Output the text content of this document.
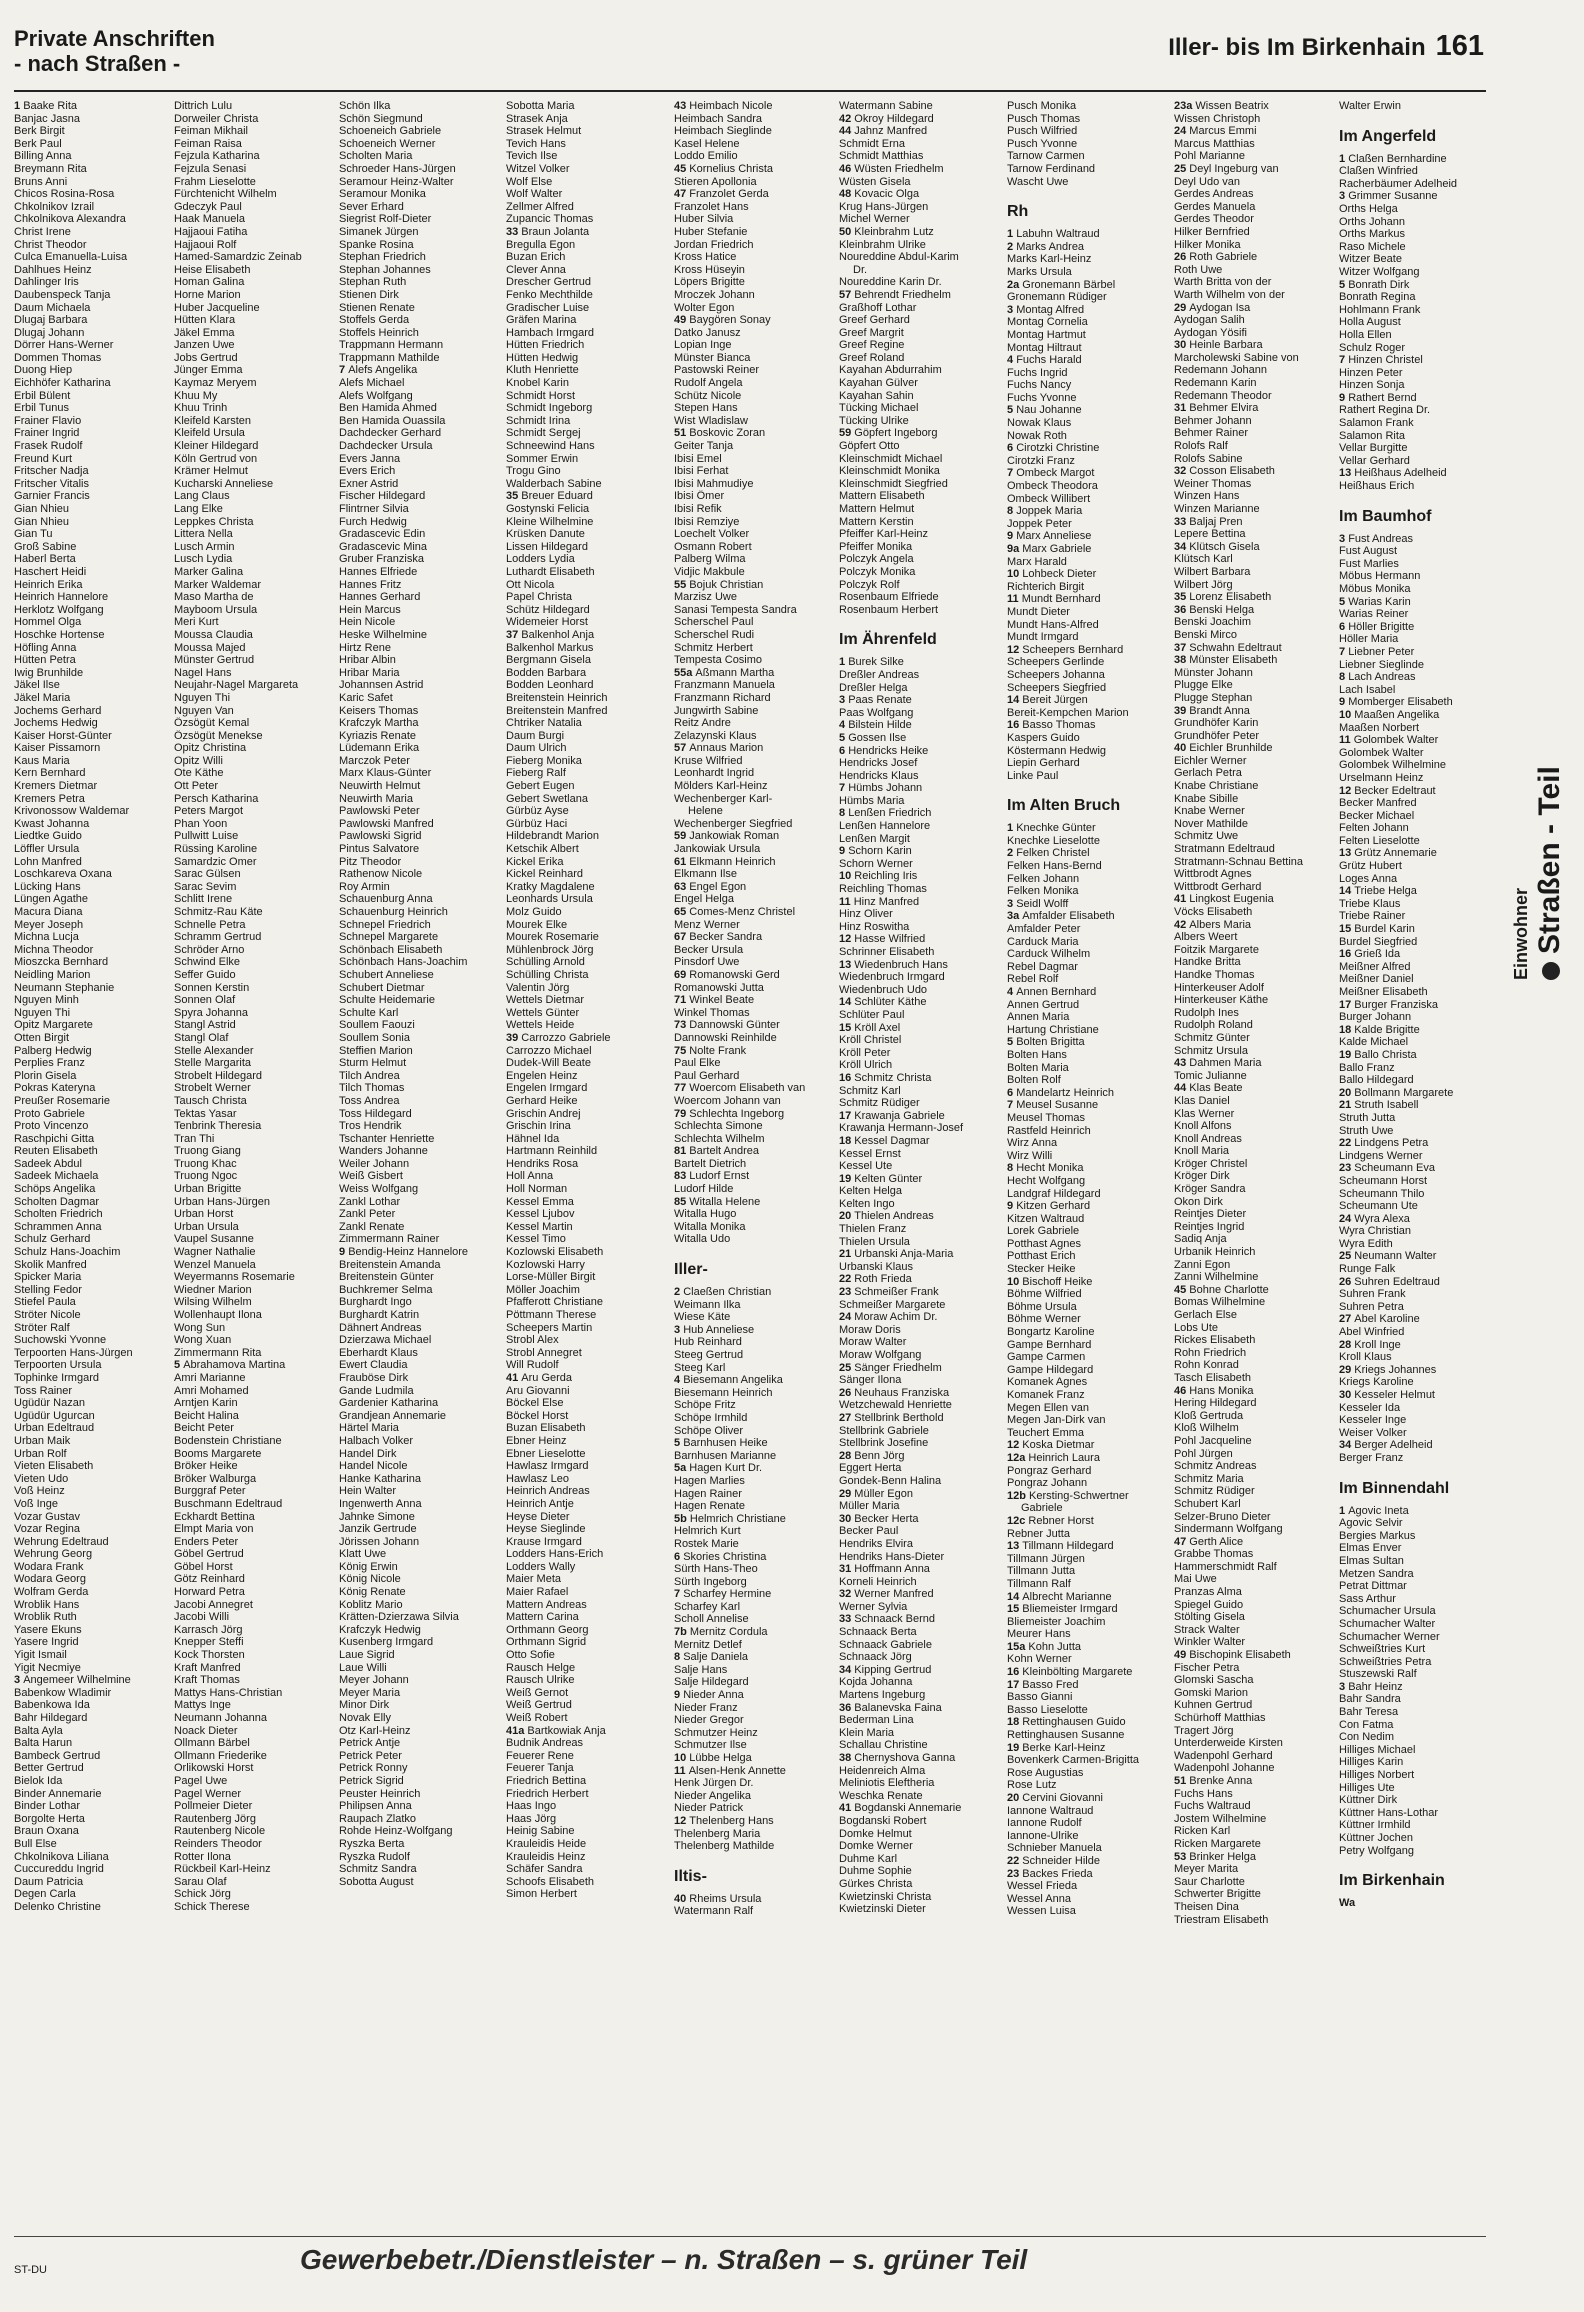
Private Anschriften
- nach Straßen -
Iller- bis Im Birkenhain 161
1 Baake Rita
Banjac Jasna
Berk Birgit
Berk Paul
Billing Anna
Breymann Rita
Bruns Anni
Chicos Rosina-Rosa
Chkolnikov Izrail
Chkolnikova Alexandra
Christ Irene
Christ Theodor
Culca Emanuella-Luisa
Dahlhues Heinz
Dahlinger Iris
Daubenspeck Tanja
Daum Michaela
Dlugaj Barbara
Dlugaj Johann
Dörrer Hans-Werner
Dommen Thomas
Duong Hiep
Eichhöfer Katharina
Erbil Bülent
Erbil Tunus
Frainer Flavio
Frainer Ingrid
Frasek Rudolf
Freund Kurt
Fritscher Nadja
Fritscher Vitalis
Garnier Francis
Gian Nhieu
Gian Nhieu
Gian Tu
Groß Sabine
Haberl Berta
Haschert Heidi
Heinrich Erika
Heinrich Hannelore
Herklotz Wolfgang
Hommel Olga
Hoschke Hortense
Höfling Anna
Hütten Petra
Iwig Brunhilde
Jäkel Ilse
Jäkel Maria
Jochems Gerhard
Jochems Hedwig
Kaiser Horst-Günter
Kaiser Pissamorn
Kaus Maria
Kern Bernhard
Kremers Dietmar
Kremers Petra
Krivonossow Waldemar
Kwast Johanna
Liedtke Guido
Löffler Ursula
Lohn Manfred
Loschkareva Oxana
Lücking Hans
Lüngen Agathe
Macura Diana
Meyer Joseph
Michna Lucja
Michna Theodor
Mioszcka Bernhard
Neidling Marion
Neumann Stephanie
Nguyen Minh
Nguyen Thi
Opitz Margarete
Otten Birgit
Palberg Hedwig
Perplies Franz
Plorin Gisela
Pokras Kateryna
Preußer Rosemarie
Proto Gabriele
Proto Vincenzo
Raschpichi Gitta
Reuten Elisabeth
Sadeek Abdul
Sadeek Michaela
Schöps Angelika
Scholten Dagmar
Scholten Friedrich
Schrammen Anna
Schulz Gerhard
Schulz Hans-Joachim
Skolik Manfred
Spicker Maria
Stelling Fedor
Stiefel Paula
Ströter Nicole
Ströter Ralf
Suchowski Yvonne
Terpoorten Hans-Jürgen
Terpoorten Ursula
Tophinke Irmgard
Toss Rainer
Ugüdür Nazan
Ugüdür Ugurcan
Urban Edeltraud
Urban Maik
Urban Rolf
Vieten Elisabeth
Vieten Udo
Voß Heinz
Voß Inge
Vozar Gustav
Vozar Regina
Wehrung Edeltraud
Wehrung Georg
Wodara Frank
Wodara Georg
Wolfram Gerda
Wroblik Hans
Wroblik Ruth
Yasere Ekuns
Yasere Ingrid
Yigit Ismail
Yigit Necmiye
3 Angemeer Wilhelmine
Babenkow Wladimir
Babenkowa Ida
Bahr Hildegard
Balta Ayla
Balta Harun
Bambeck Gertrud
Better Gertrud
Bielok Ida
Binder Annemarie
Binder Lothar
Borgolte Herta
Braun Oxana
Bull Else
Chkolnikova Liliana
Cuccureddu Ingrid
Daum Patricia
Degen Carla
Delenko Christine
Dittrich Lulu
Dorweiler Christa
Feiman Mikhail
Feiman Raisa
Fejzula Katharina
Fejzula Senasi
Frahm Lieselotte
Fürchtenicht Wilhelm
Gdeczyk Paul
Haak Manuela
Hajjaoui Fatiha
Hajjaoui Rolf
Hamed-Samardzic Zeinab
Heise Elisabeth
Homan Galina
Horne Marion
Huber Jacqueline
Hütten Klara
Jäkel Emma
Janzen Uwe
Jobs Gertrud
Jünger Emma
Kaymaz Meryem
Khuu My
Khuu Trinh
Kleifeld Karsten
Kleifeld Ursula
Kleiner Hildegard
Köln Gertrud von
Krämer Helmut
Kucharski Anneliese
Lang Claus
Lang Elke
Leppkes Christa
Littera Nella
Lusch Armin
Lusch Lydia
Marker Galina
Marker Waldemar
Maso Martha de
Mayboom Ursula
Meri Kurt
Moussa Claudia
Moussa Majed
Münster Gertrud
Nagel Hans
Neujahr-Nagel Margareta
Nguyen Thi
Nguyen Van
Özsögüt Kemal
Özsögüt Menekse
Opitz Christina
Opitz Willi
Ote Käthe
Ott Peter
Persch Katharina
Peters Margot
Phan Yoon
Pullwitt Luise
Rüssing Karoline
Samardzic Omer
Sarac Gülsen
Sarac Sevim
Schlitt Irene
Schmitz-Rau Käte
Schnelle Petra
Schramm Gertrud
Schröder Arno
Schwind Elke
Seffer Guido
Sonnen Kerstin
Sonnen Olaf
Spyra Johanna
Stangl Astrid
Stangl Olaf
Stelle Alexander
Stelle Margarita
Strobelt Hildegard
Strobelt Werner
Tausch Christa
Tektas Yasar
Tenbrink Theresia
Tran Thi
Truong Giang
Truong Khac
Truong Ngoc
Urban Brigitte
Urban Hans-Jürgen
Urban Horst
Urban Ursula
Vaupel Susanne
Wagner Nathalie
Wenzel Manuela
Weyermanns Rosemarie
Wiedner Marion
Wilsing Wilhelm
Wollenhaupt Ilona
Wong Sun
Wong Xuan
Zimmermann Rita
5 Abrahamova Martina
Amri Marianne
Amri Mohamed
Arntjen Karin
Beicht Halina
Beicht Peter
Bodenstein Christiane
Booms Margarete
Bröker Heike
Bröker Walburga
Burggraf Peter
Buschmann Edeltraud
Eckhardt Bettina
Elmpt Maria von
Enders Peter
Göbel Gertrud
Göbel Horst
Götz Reinhard
Horward Petra
Jacobi Annegret
Jacobi Willi
Karrasch Jörg
Knepper Steffi
Kock Thorsten
Kraft Manfred
Kraft Thomas
Mattys Hans-Christian
Mattys Inge
Neumann Johanna
Noack Dieter
Ollmann Bärbel
Ollmann Friederike
Orlikowski Horst
Pagel Uwe
Pagel Werner
Pollmeier Dieter
Rautenberg Jörg
Rautenberg Nicole
Reinders Theodor
Rotter Ilona
Rückbeil Karl-Heinz
Sarau Olaf
Schick Jörg
Schick Therese
Schön Ilka
Schön Siegmund
Schoeneich Gabriele
Schoeneich Werner
Scholten Maria
Schroeder Hans-Jürgen
Seramour Heinz-Walter
Seramour Monika
Sever Erhard
Siegrist Rolf-Dieter
Simanek Jürgen
Spanke Rosina
Stephan Friedrich
Stephan Johannes
Stephan Ruth
Stienen Dirk
Stienen Renate
Stoffels Gerda
Stoffels Heinrich
Trappmann Hermann
Trappmann Mathilde
7 Alefs Angelika
Alefs Michael
Alefs Wolfgang
Ben Hamida Ahmed
Ben Hamida Ouassila
Dachdecker Gerhard
Dachdecker Ursula
Evers Janna
Evers Erich
Exner Astrid
Fischer Hildegard
Flintrner Silvia
Furch Hedwig
Gradascevic Edin
Gradascevic Mina
Gruber Franziska
Hannes Elfriede
Hannes Fritz
Hannes Gerhard
Hein Marcus
Hein Nicole
Heske Wilhelmine
Hirtz Rene
Hribar Albin
Hribar Maria
Johannsen Astrid
Karic Safet
Keisers Thomas
Krafczyk Martha
Kyriazis Renate
Lüdemann Erika
Marczok Peter
Marx Klaus-Günter
Neuwirth Helmut
Neuwirth Maria
Pawlowski Peter
Pawlowski Manfred
Pawlowski Sigrid
Pintus Salvatore
Pitz Theodor
Rathenow Nicole
Roy Armin
Schauenburg Anna
Schauenburg Heinrich
Schnepel Friedrich
Schnepel Margarete
Schönbach Elisabeth
Schönbach Hans-Joachim
Schubert Anneliese
Schubert Dietmar
Schulte Heidemarie
Schulte Karl
Soullem Faouzi
Soullem Sonia
Steffien Marion
Sturm Helmut
Tilch Andrea
Tilch Thomas
Toss Andrea
Toss Hildegard
Tros Hendrik
Tschanter Henriette
Wanders Johanne
Weiler Johann
Weiß Gisbert
Weiss Wolfgang
Zankl Lothar
Zankl Peter
Zankl Renate
Zimmermann Rainer
9 Bendig-Heinz Hannelore
Breitenstein Amanda
Breitenstein Günter
Buchkremer Selma
Burghardt Ingo
Burghardt Katrin
Dähnert Andreas
Dzierzawa Michael
Eberhardt Klaus
Ewert Claudia
Frauböse Dirk
Gande Ludmila
Gardenier Katharina
Grandjean Annemarie
Härtel Maria
Halbach Volker
Handel Dirk
Handel Nicole
Hanke Katharina
Hein Walter
Ingenwerth Anna
Jahnke Simone
Janzik Gertrude
Jörissen Johann
Klatt Uwe
König Erwin
König Nicole
König Renate
Koblitz Mario
Krätten-Dzierzawa Silvia
Krafczyk Hedwig
Kusenberg Irmgard
Laue Sigrid
Laue Willi
Meyer Johann
Meyer Maria
Minor Dirk
Novak Elly
Otz Karl-Heinz
Petrick Antje
Petrick Peter
Petrick Ronny
Petrick Sigrid
Peuster Heinrich
Philipsen Anna
Raupach Zlatko
Rohde Heinz-Wolfgang
Ryszka Berta
Ryszka Rudolf
Schmitz Sandra
Sobotta August
Sobotta Maria
Strasek Anja
Strasek Helmut
Tevich Hans
Tevich Ilse
Witzel Volker
Wolf Else
Wolf Walter
Zellmer Alfred
Zupancic Thomas
33 Braun Jolanta
Bregulla Egon
Buzan Erich
Clever Anna
Drescher Gertrud
Fenko Mechthilde
Gradischer Luise
Gräfen Marina
Hambach Irmgard
Hütten Friedrich
Hütten Hedwig
Kluth Henriette
Knobel Karin
Schmidt Horst
Schmidt Ingeborg
Schmidt Irina
Schmidt Sergej
Schneewind Hans
Sommer Erwin
Trogu Gino
Walderbach Sabine
35 Breuer Eduard
Gostynski Felicia
Kleine Wilhelmine
Krüsken Danute
Lissen Hildegard
Lodders Lydia
Luthardt Elisabeth
Ott Nicola
Papel Christa
Schütz Hildegard
Widemeier Horst
37 Balkenhol Anja
Balkenhol Markus
Bergmann Gisela
Bodden Barbara
Bodden Leonhard
Breitenstein Heinrich
Breitenstein Manfred
Chtriker Natalia
Daum Burgi
Daum Ulrich
Fieberg Monika
Fieberg Ralf
Gebert Eugen
Gebert Swetlana
Gürbüz Ayse
Gürbüz Haci
Hildebrandt Marion
Ketschik Albert
Kickel Erika
Kickel Reinhard
Kratky Magdalene
Leonhards Ursula
Molz Guido
Mourek Elke
Mourek Rosemarie
Mühlenbrock Jörg
Schülling Arnold
Schülling Christa
Valentin Jörg
Wettels Dietmar
Wettels Günter
Wettels Heide
39 Carrozzo Gabriele
Carrozzo Michael
Dudek-Will Beate
Engelen Heinz
Engelen Irmgard
Gerhard Heike
Grischin Andrej
Grischin Irina
Hähnel Ida
Hartmann Reinhild
Hendriks Rosa
Holl Anna
Holl Norman
Kessel Emma
Kessel Ljubov
Kessel Martin
Kessel Timo
Kozlowski Elisabeth
Kozlowski Harry
Lorse-Müller Birgit
Möller Joachim
Pfafferott Christiane
Pöttmann Therese
Scheepers Martin
Strobl Alex
Strobl Annegret
Will Rudolf
41 Aru Gerda
Aru Giovanni
Böckel Else
Böckel Horst
Buzan Elisabeth
Ebner Heinz
Ebner Lieselotte
Hawlasz Irmgard
Hawlasz Leo
Heinrich Andreas
Heinrich Antje
Heyse Dieter
Heyse Sieglinde
Krause Irmgard
Lodders Hans-Erich
Lodders Wally
Maier Meta
Maier Rafael
Mattern Andreas
Mattern Carina
Orthmann Georg
Orthmann Sigrid
Otto Sofie
Rausch Helge
Rausch Ulrike
Weiß Gernot
Weiß Gertrud
Weiß Robert
41a Bartkowiak Anja
Budnik Andreas
Feuerer Rene
Feuerer Tanja
Friedrich Bettina
Friedrich Herbert
Haas Ingo
Haas Jörg
Heinig Sabine
Krauleidis Heide
Krauleidis Heinz
Schäfer Sandra
Schoofs Elisabeth
Simon Herbert
43 Heimbach Nicole
Heimbach Sandra
Heimbach Sieglinde
Kasel Helene
Loddo Emilio
45 Kornelius Christa
Stieren Apollonia
47 Franzolet Gerda
Franzolet Hans
Huber Silvia
Huber Stefanie
Jordan Friedrich
Kross Hatice
Kross Hüseyin
Löpers Brigitte
Mroczek Johann
Wolter Egon
49 Baygören Sonay
Datko Janusz
Lopian Inge
Münster Bianca
Pastowski Reiner
Rudolf Angela
Schütz Nicole
Stepen Hans
Wist Wladislaw
51 Boskovic Zoran
Geiter Tanja
Ibisi Emel
Ibisi Ferhat
Ibisi Mahmudiye
Ibisi Ömer
Ibisi Refik
Ibisi Remziye
Loechelt Volker
Osmann Robert
Palberg Wilma
Vidjic Makbule
55 Bojuk Christian
Marzisz Uwe
Sanasi Tempesta Sandra
Scherschel Paul
Scherschel Rudi
Schmitz Herbert
Tempesta Cosimo
55a Aßmann Martha
Franzmann Manuela
Franzmann Richard
Jungwirth Sabine
Reitz Andre
Zelazynski Klaus
57 Annaus Marion
Kruse Wilfried
Leonhardt Ingrid
Mölders Karl-Heinz
Wechenberger Karl-
Helene
Wechenberger Siegfried
59 Jankowiak Roman
Jankowiak Ursula
61 Elkmann Heinrich
Elkmann Ilse
63 Engel Egon
Engel Helga
65 Comes-Menz Christel
Menz Werner
67 Becker Sandra
Becker Ursula
Pinsdorf Uwe
69 Romanowski Gerd
Romanowski Jutta
71 Winkel Beate
Winkel Thomas
73 Dannowski Günter
Dannowski Reinhilde
75 Nolte Frank
Paul Elke
Paul Gerhard
77 Woercom Elisabeth van
Woercom Johann van
79 Schlechta Ingeborg
Schlechta Simone
Schlechta Wilhelm
81 Bartelt Andrea
Bartelt Dietrich
83 Ludorf Ernst
Ludorf Hilde
85 Witalla Helene
Witalla Hugo
Witalla Monika
Witalla Udo
Iller-
2 Claeßen Christian
Weimann Ilka
Wiese Käte
3 Hub Anneliese
Hub Reinhard
Steeg Gertrud
Steeg Karl
4 Biesemann Angelika
Biesemann Heinrich
Schöpe Fritz
Schöpe Irmhild
Schöpe Oliver
5 Barnhusen Heike
Barnhusen Marianne
5a Hagen Kurt Dr.
Hagen Marlies
Hagen Rainer
Hagen Renate
5b Helmrich Christiane
Helmrich Kurt
Rostek Marie
6 Skories Christina
Sürth Hans-Theo
Sürth Ingeborg
7 Scharfey Hermine
Scharfey Karl
Scholl Annelise
7b Mernitz Cordula
Mernitz Detlef
8 Salje Daniela
Salje Hans
Salje Hildegard
9 Nieder Anna
Nieder Franz
Nieder Gregor
Schmutzer Heinz
Schmutzer Ilse
10 Lübbe Helga
11 Alsen-Henk Annette
Henk Jürgen Dr.
Nieder Angelika
Nieder Patrick
12 Thelenberg Hans
Thelenberg Maria
Thelenberg Mathilde
Iltis-
40 Rheims Ursula
Watermann Ralf
Watermann Sabine
42 Okroy Hildegard
44 Jahnz Manfred
Schmidt Erna
Schmidt Matthias
46 Wüsten Friedhelm
Wüsten Gisela
48 Kovacic Olga
Krug Hans-Jürgen
Michel Werner
50 Kleinbrahm Lutz
Kleinbrahm Ulrike
Noureddine Abdul-Karim
Dr.
Noureddine Karin Dr.
57 Behrendt Friedhelm
Graßhoff Lothar
Greef Gerhard
Greef Margrit
Greef Regine
Greef Roland
Kayahan Abdurrahim
Kayahan Gülver
Kayahan Sahin
Tücking Michael
Tücking Ulrike
59 Göpfert Ingeborg
Göpfert Otto
Kleinschmidt Michael
Kleinschmidt Monika
Kleinschmidt Siegfried
Mattern Elisabeth
Mattern Helmut
Mattern Kerstin
Pfeiffer Karl-Heinz
Pfeiffer Monika
Polczyk Angela
Polczyk Monika
Polczyk Rolf
Rosenbaum Elfriede
Rosenbaum Herbert
Im Ährenfeld
1 Burek Silke
Dreßler Andreas
Dreßler Helga
3 Paas Renate
Paas Wolfgang
4 Bilstein Hilde
5 Gossen Ilse
6 Hendricks Heike
Hendricks Josef
Hendricks Klaus
7 Hümbs Johann
Hümbs Maria
8 Lenßen Friedrich
Lenßen Hannelore
Lenßen Margit
9 Schorn Karin
Schorn Werner
10 Reichling Iris
Reichling Thomas
11 Hinz Manfred
Hinz Oliver
Hinz Roswitha
12 Hasse Wilfried
Schrinner Elisabeth
13 Wiedenbruch Hans
Wiedenbruch Irmgard
Wiedenbruch Udo
14 Schlüter Käthe
Schlüter Paul
15 Kröll Axel
Kröll Christel
Kröll Peter
Kröll Ulrich
16 Schmitz Christa
Schmitz Karl
Schmitz Rüdiger
17 Krawanja Gabriele
Krawanja Hermann-Josef
18 Kessel Dagmar
Kessel Ernst
Kessel Ute
19 Kelten Günter
Kelten Helga
Kelten Ingo
20 Thielen Andreas
Thielen Franz
Thielen Ursula
21 Urbanski Anja-Maria
Urbanski Klaus
22 Roth Frieda
23 Schmeißer Frank
Schmeißer Margarete
24 Moraw Achim Dr.
Moraw Doris
Moraw Walter
Moraw Wolfgang
25 Sänger Friedhelm
Sänger Ilona
26 Neuhaus Franziska
Wetzchewald Henriette
27 Stellbrink Berthold
Stellbrink Gabriele
Stellbrink Josefine
28 Benn Jörg
Eggert Herta
Gondek-Benn Halina
29 Müller Egon
Müller Maria
30 Becker Herta
Becker Paul
Hendriks Elvira
Hendriks Hans-Dieter
31 Hoffmann Anna
Korneli Heinrich
32 Werner Manfred
Werner Sylvia
33 Schnaack Bernd
Schnaack Berta
Schnaack Gabriele
Schnaack Jörg
34 Kipping Gertrud
Kojda Johanna
Martens Ingeburg
36 Balanevska Faina
Bederman Lina
Klein Maria
Schallau Christine
38 Chernyshova Ganna
Heidenreich Alma
Meliniotis Eleftheria
Weschka Renate
41 Bogdanski Annemarie
Bogdanski Robert
Domke Helmut
Domke Werner
Duhme Karl
Duhme Sophie
Gürkes Christa
Kwietzinski Christa
Kwietzinski Dieter
Pusch Monika
Pusch Thomas
Pusch Wilfried
Pusch Yvonne
Tarnow Carmen
Tarnow Ferdinand
Wascht Uwe
Rh
1 Labuhn Waltraud
2 Marks Andrea
Marks Karl-Heinz
Marks Ursula
2a Gronemann Bärbel
Gronemann Rüdiger
3 Montag Alfred
Montag Cornelia
Montag Hartmut
Montag Hiltraut
4 Fuchs Harald
Fuchs Ingrid
Fuchs Nancy
Fuchs Yvonne
5 Nau Johanne
Nowak Klaus
Nowak Roth
6 Cirotzki Christine
Cirotzki Franz
7 Ombeck Margot
Ombeck Theodora
Ombeck Willibert
8 Joppek Maria
Joppek Peter
9 Marx Anneliese
9a Marx Gabriele
Marx Harald
10 Lohbeck Dieter
Richterich Birgit
11 Mundt Bernhard
Mundt Dieter
Mundt Hans-Alfred
Mundt Irmgard
12 Scheepers Bernhard
Scheepers Gerlinde
Scheepers Johanna
Scheepers Siegfried
14 Bereit Jürgen
Bereit-Kempchen Marion
16 Basso Thomas
Kaspers Guido
Köstermann Hedwig
Liepin Gerhard
Linke Paul
Im Alten Bruch
1 Knechke Günter
Knechke Lieselotte
2 Felken Christel
Felken Hans-Bernd
Felken Johann
Felken Monika
3 Seidl Wolff
3a Amfalder Elisabeth
Amfalder Peter
Carduck Maria
Carduck Wilhelm
Rebel Dagmar
Rebel Rolf
4 Annen Bernhard
Annen Gertrud
Annen Maria
Hartung Christiane
5 Bolten Brigitta
Bolten Hans
Bolten Maria
Bolten Rolf
6 Mandelartz Heinrich
7 Meusel Susanne
Meusel Thomas
Rastfeld Heinrich
Wirz Anna
Wirz Willi
8 Hecht Monika
Hecht Wolfgang
Landgraf Hildegard
9 Kitzen Gerhard
Kitzen Waltraud
Lorek Gabriele
Potthast Agnes
Potthast Erich
Stecker Heike
10 Bischoff Heike
Böhme Wilfried
Böhme Ursula
Böhme Werner
Bongartz Karoline
Gampe Bernhard
Gampe Carmen
Gampe Hildegard
Komanek Agnes
Komanek Franz
Megen Ellen van
Megen Jan-Dirk van
Teuchert Emma
12 Koska Dietmar
12a Heinrich Laura
Pongraz Gerhard
Pongraz Johann
12b Kersting-Schwertner
Gabriele
12c Rebner Horst
Rebner Jutta
13 Tillmann Hildegard
Tillmann Jürgen
Tillmann Jutta
Tillmann Ralf
14 Albrecht Marianne
15 Bliemeister Irmgard
Bliemeister Joachim
Meurer Hans
15a Kohn Jutta
Kohn Werner
16 Kleinbölting Margarete
17 Basso Fred
Basso Gianni
Basso Lieselotte
18 Rettinghausen Guido
Rettinghausen Susanne
19 Berke Karl-Heinz
Bovenkerk Carmen-Brigitta
Rose Augustias
Rose Lutz
20 Cervini Giovanni
Iannone Waltraud
Iannone Rudolf
Iannone-Ulrike
Schnieber Manuela
22 Schneider Hilde
23 Backes Frieda
Wessel Frieda
Wessel Anna
Wessen Luisa
23a Wissen Beatrix
Wissen Christoph
24 Marcus Emmi
Marcus Matthias
Pohl Marianne
25 Deyl Ingeburg van
Deyl Udo van
Gerdes Andreas
Gerdes Manuela
Gerdes Theodor
Hilker Bernfried
Hilker Monika
26 Roth Gabriele
Roth Uwe
Warth Britta von der
Warth Wilhelm von der
29 Aydogan Isa
Aydogan Salih
Aydogan Yösifi
30 Heinle Barbara
Marcholewski Sabine von
Redemann Johann
Redemann Karin
Redemann Theodor
31 Behmer Elvira
Behmer Johann
Behmer Rainer
Rolofs Ralf
Rolofs Sabine
32 Cosson Elisabeth
Weiner Thomas
Winzen Hans
Winzen Marianne
33 Baljaj Pren
Lepere Bettina
34 Klütsch Gisela
Klütsch Karl
Wilbert Barbara
Wilbert Jörg
35 Lorenz Elisabeth
36 Benski Helga
Benski Joachim
Benski Mirco
37 Schwahn Edeltraut
38 Münster Elisabeth
Münster Johann
Plugge Elke
Plugge Stephan
39 Brandt Anna
Grundhöfer Karin
Grundhöfer Peter
40 Eichler Brunhilde
Eichler Werner
Gerlach Petra
Knabe Christiane
Knabe Sibille
Knabe Werner
Nover Mathilde
Schmitz Uwe
Stratmann Edeltraud
Stratmann-Schnau Bettina
Wittbrodt Agnes
Wittbrodt Gerhard
41 Lingkost Eugenia
Vöcks Elisabeth
42 Albers Maria
Albers Weert
Foitzik Margarete
Handke Britta
Handke Thomas
Hinterkeuser Adolf
Hinterkeuser Käthe
Rudolph Ines
Rudolph Roland
Schmitz Günter
Schmitz Ursula
43 Dahmen Maria
Tomic Julianne
44 Klas Beate
Klas Daniel
Klas Werner
Knoll Alfons
Knoll Andreas
Knoll Maria
Kröger Christel
Kröger Dirk
Kröger Sandra
Okon Dirk
Reintjes Dieter
Reintjes Ingrid
Sadiq Anja
Urbanik Heinrich
Zanni Egon
Zanni Wilhelmine
45 Bohne Charlotte
Bomas Wilhelmine
Gerlach Else
Lobs Ute
Rickes Elisabeth
Rohn Friedrich
Rohn Konrad
Tasch Elisabeth
46 Hans Monika
Hering Hildegard
Kloß Gertruda
Kloß Wilhelm
Pohl Jacqueline
Pohl Jürgen
Schmitz Andreas
Schmitz Maria
Schmitz Rüdiger
Schubert Karl
Selzer-Bruno Dieter
Sindermann Wolfgang
47 Gerth Alice
Grabbe Thomas
Hammerschmidt Ralf
Mai Uwe
Pranzas Alma
Spiegel Guido
Stölting Gisela
Strack Walter
Winkler Walter
49 Bischopink Elisabeth
Fischer Petra
Glomski Sascha
Gomski Marion
Kuhnen Gertrud
Schürhoff Matthias
Tragert Jörg
Unterderweide Kirsten
Wadenpohl Gerhard
Wadenpohl Johanne
51 Brenke Anna
Fuchs Hans
Fuchs Waltraud
Jostem Wilhelmine
Ricken Karl
Ricken Margarete
53 Brinker Helga
Meyer Marita
Saur Charlotte
Schwerter Brigitte
Theisen Dina
Triestram Elisabeth
Walter Erwin
Im Angerfeld
1 Claßen Bernhardine
Claßen Winfried
Racherbäumer Adelheid
3 Grimmer Susanne
Orths Helga
Orths Johann
Orths Markus
Raso Michele
Witzer Beate
Witzer Wolfgang
5 Bonrath Dirk
Bonrath Regina
Hohlmann Frank
Holla August
Holla Ellen
Schulz Roger
7 Hinzen Christel
Hinzen Peter
Hinzen Sonja
9 Rathert Bernd
Rathert Regina Dr.
Salamon Frank
Salamon Rita
Vellar Burgitte
Vellar Gerhard
13 Heißhaus Adelheid
Heißhaus Erich
Im Baumhof
3 Fust Andreas
Fust August
Fust Marlies
Möbus Hermann
Möbus Monika
5 Warias Karin
Warias Reiner
6 Höller Brigitte
Höller Maria
7 Liebner Peter
Liebner Sieglinde
8 Lach Andreas
Lach Isabel
9 Momberger Elisabeth
10 Maaßen Angelika
Maaßen Norbert
11 Golombek Walter
Golombek Walter
Golombek Wilhelmine
Urselmann Heinz
12 Becker Edeltraut
Becker Manfred
Becker Michael
Felten Johann
Felten Lieselotte
13 Grütz Annemarie
Grütz Hubert
Loges Anna
14 Triebe Helga
Triebe Klaus
Triebe Rainer
15 Burdel Karin
Burdel Siegfried
16 Grieß Ida
Meißner Alfred
Meißner Daniel
Meißner Elisabeth
17 Burger Franziska
Burger Johann
18 Kalde Brigitte
Kalde Michael
19 Ballo Christa
Ballo Franz
Ballo Hildegard
20 Bollmann Margarete
21 Struth Isabell
Struth Jutta
Struth Uwe
22 Lindgens Petra
Lindgens Werner
23 Scheumann Eva
Scheumann Horst
Scheumann Thilo
Scheumann Ute
24 Wyra Alexa
Wyra Christian
Wyra Edith
25 Neumann Walter
Runge Falk
26 Suhren Edeltraud
Suhren Frank
Suhren Petra
27 Abel Karoline
Abel Winfried
28 Kroll Inge
Kroll Klaus
29 Kriegs Johannes
Kriegs Karoline
30 Kesseler Helmut
Kesseler Ida
Kesseler Inge
Weiser Volker
34 Berger Adelheid
Berger Franz
Im Binnendahl
1 Agovic Ineta
Agovic Selvir
Bergies Markus
Elmas Enver
Elmas Sultan
Metzen Sandra
Petrat Dittmar
Sass Arthur
Schumacher Ursula
Schumacher Walter
Schumacher Werner
Schweißtries Kurt
Schweißtries Petra
Stuszewski Ralf
3 Bahr Heinz
Bahr Sandra
Bahr Teresa
Con Fatma
Con Nedim
Hilliges Michael
Hilliges Karin
Hilliges Norbert
Hilliges Ute
Küttner Dirk
Küttner Hans-Lothar
Küttner Irmhild
Küttner Jochen
Petry Wolfgang
Im Birkenhain
Wa
Einwohner Straßen - Teil
ST-DU	Gewerbebetr./Dienstleister – n. Straßen – s. grüner Teil
